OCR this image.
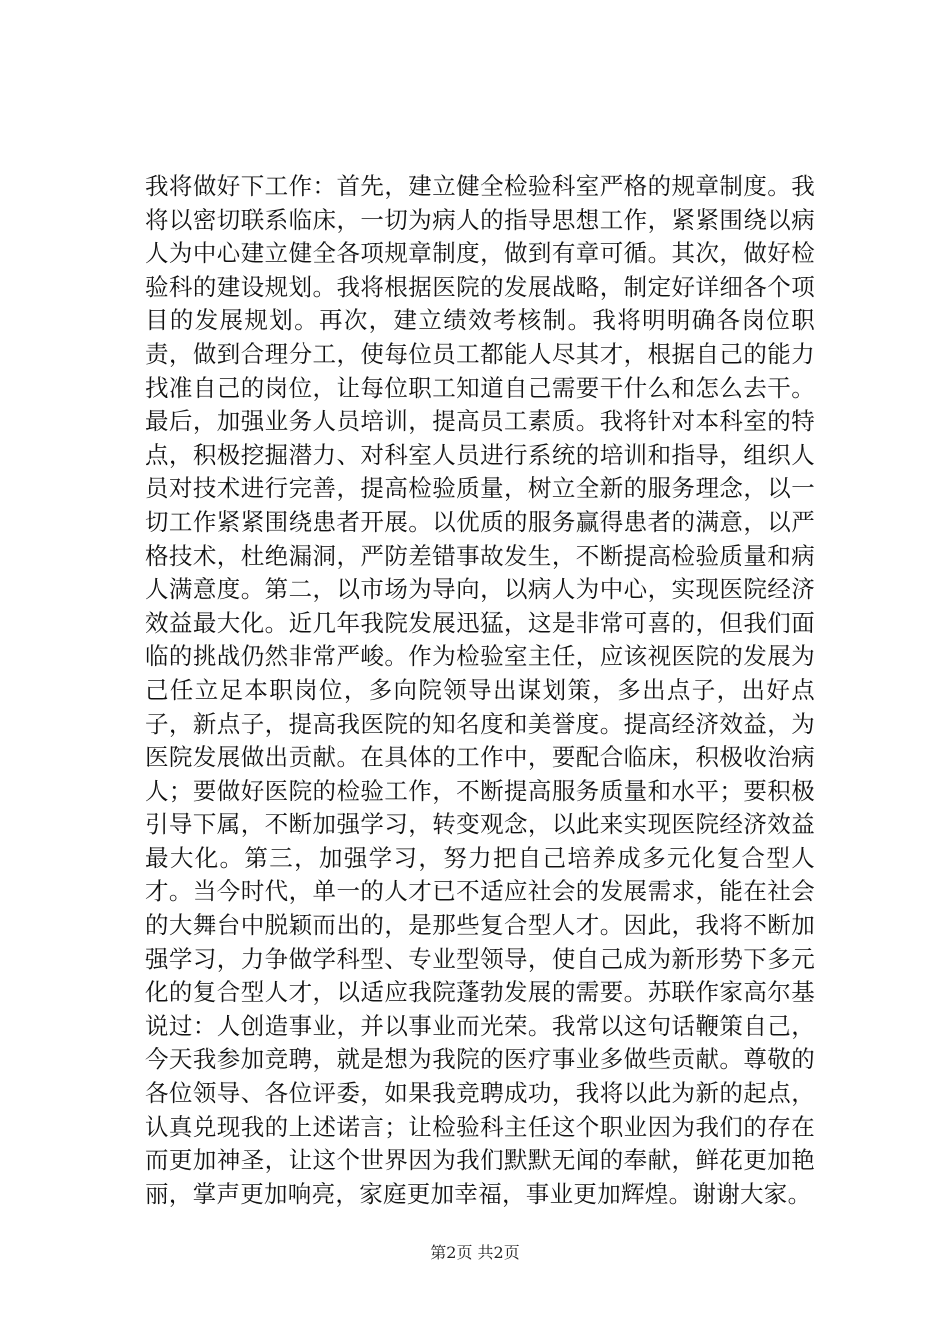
我将做好下工作：首先，建立健全检验科室严格的规章制度。我将以密切联系临床，一切为病人的指导思想工作，紧紧围绕以病人为中心建立健全各项规章制度，做到有章可循。其次，做好检验科的建设规划。我将根据医院的发展战略，制定好详细各个项目的发展规划。再次，建立绩效考核制。我将明明确各岗位职责，做到合理分工，使每位员工都能人尽其才，根据自己的能力找准自己的岗位，让每位职工知道自己需要干什么和怎么去干。最后，加强业务人员培训，提高员工素质。我将针对本科室的特点，积极挖掘潜力、对科室人员进行系统的培训和指导，组织人员对技术进行完善，提高检验质量，树立全新的服务理念，以一切工作紧紧围绕患者开展。以优质的服务赢得患者的满意，以严格技术，杜绝漏洞，严防差错事故发生，不断提高检验质量和病人满意度。第二，以市场为导向，以病人为中心，实现医院经济效益最大化。近几年我院发展迅猛，这是非常可喜的，但我们面临的挑战仍然非常严峻。作为检验室主任，应该视医院的发展为己任立足本职岗位，多向院领导出谋划策，多出点子，出好点子，新点子，提高我医院的知名度和美誉度。提高经济效益，为医院发展做出贡献。在具体的工作中，要配合临床，积极收治病人；要做好医院的检验工作，不断提高服务质量和水平；要积极引导下属，不断加强学习，转变观念，以此来实现医院经济效益最大化。第三，加强学习，努力把自己培养成多元化复合型人才。当今时代，单一的人才已不适应社会的发展需求，能在社会的大舞台中脱颖而出的，是那些复合型人才。因此，我将不断加强学习，力争做学科型、专业型领导，使自己成为新形势下多元化的复合型人才，以适应我院蓬勃发展的需要。苏联作家高尔基说过：人创造事业，并以事业而光荣。我常以这句话鞭策自己，今天我参加竞聘，就是想为我院的医疗事业多做些贡献。尊敬的各位领导、各位评委，如果我竞聘成功，我将以此为新的起点，认真兑现我的上述诺言；让检验科主任这个职业因为我们的存在而更加神圣，让这个世界因为我们默默无闻的奉献，鲜花更加艳丽，掌声更加响亮，家庭更加幸福，事业更加辉煌。谢谢大家。

第2页 共2页
